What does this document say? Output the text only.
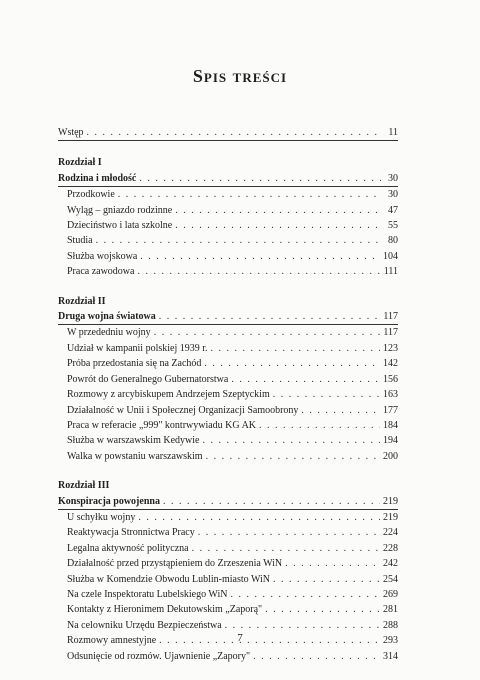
Spis treści
Wstęp . . .	11
Rozdział I
Rodzina i młodość . . .	30
Przodkowie . . .	30
Wyląg – gniazdo rodzinne . . .	47
Dzieciństwo i lata szkolne . . .	55
Studia . . .	80
Służba wojskowa . . .	104
Praca zawodowa . . .	111
Rozdział II
Druga wojna światowa . . .	117
W przededniu wojny . . .	117
Udział w kampanii polskiej 1939 r. . . .	123
Próba przedostania się na Zachód . . .	142
Powrót do Generalnego Gubernatorstwa . . .	156
Rozmowy z arcybiskupem Andrzejem Szeptyckim . . .	163
Działalność w Unii i Społecznej Organizacji Samoobrony . . .	177
Praca w referacie „999" kontrwywiadu KG AK . . .	184
Służba w warszawskim Kedywie . . .	194
Walka w powstaniu warszawskim . . .	200
Rozdział III
Konspiracja powojenna . . .	219
U schyłku wojny . . .	219
Reaktywacja Stronnictwa Pracy . . .	224
Legalna aktywność polityczna . . .	228
Działalność przed przystąpieniem do Zrzeszenia WiN . . .	242
Służba w Komendzie Obwodu Lublin-miasto WiN . . .	254
Na czele Inspektoratu Lubelskiego WiN . . .	269
Kontakty z Hieronimem Dekutowskim „Zaporą" . . .	281
Na celowniku Urzędu Bezpieczeństwa . . .	288
Rozmowy amnestyjne . . .	293
Odsunięcie od rozmów. Ujawnienie „Zapory" . . .	314
7
